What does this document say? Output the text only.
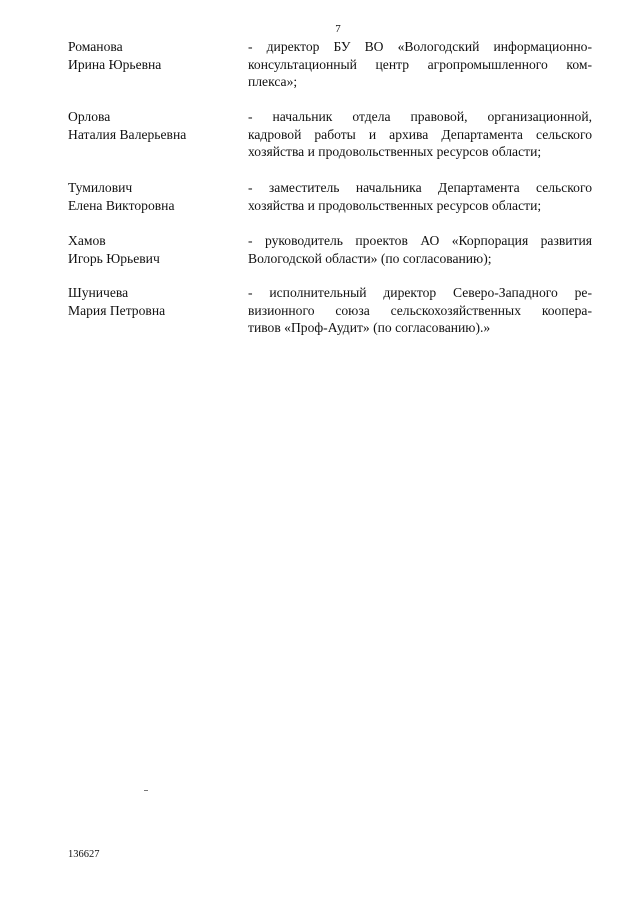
7
Романова
Ирина Юрьевна
- директор БУ ВО «Вологодский информационно-
консультационный центр агропромышленного ком-
плекса»;
Орлова
Наталия Валерьевна
- начальник отдела правовой, организационной,
кадровой работы и архива Департамента сельского
хозяйства и продовольственных ресурсов области;
Тумилович
Елена Викторовна
- заместитель начальника Департамента сельского
хозяйства и продовольственных ресурсов области;
Хамов
Игорь Юрьевич
- руководитель проектов АО «Корпорация развития
Вологодской области» (по согласованию);
Шуничева
Мария Петровна
- исполнительный директор Северо-Западного ре-
визионного союза сельскохозяйственных коопера-
тивов «Проф-Аудит» (по согласованию).»
136627
